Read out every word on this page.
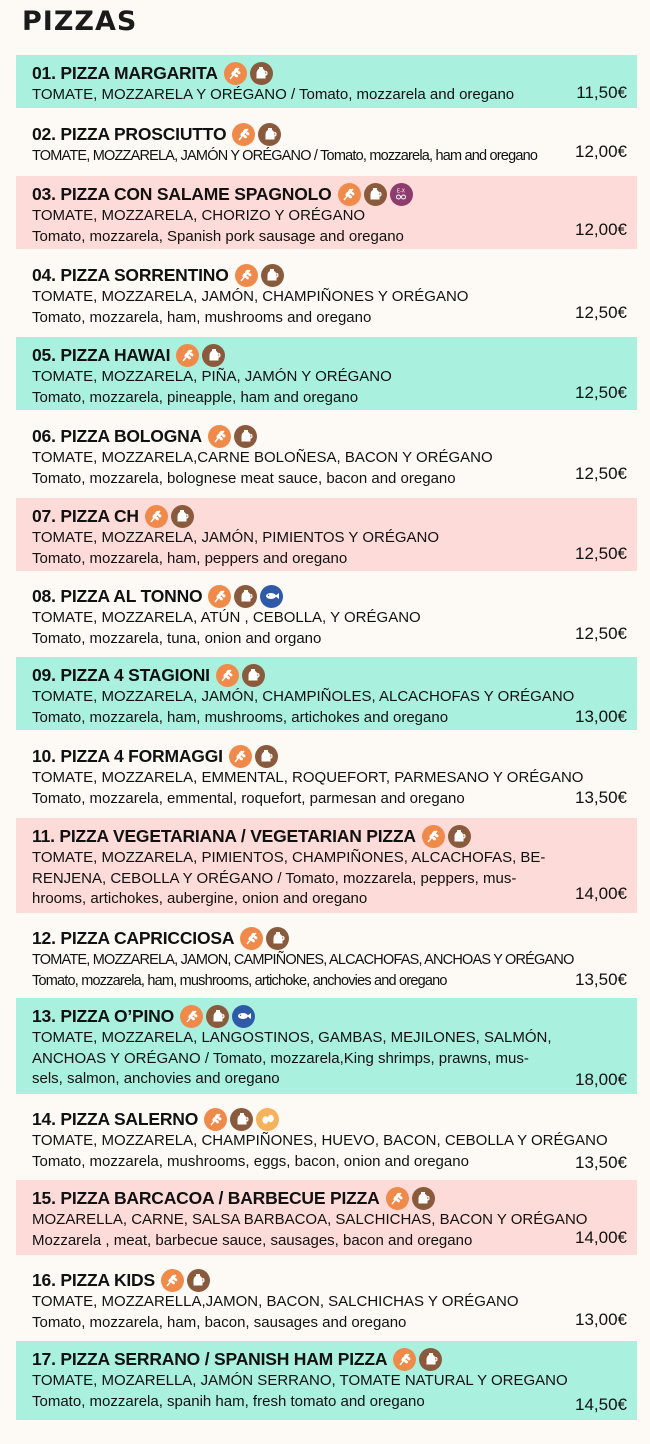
PIZZAS
01. PIZZA MARGARITA
TOMATE, MOZZARELA Y ORÉGANO / Tomato, mozzarela and oregano	11,50€
02. PIZZA PROSCIUTTO
TOMATE, MOZZARELA, JAMÓN Y ORÉGANO / Tomato, mozzarela, ham and oregano	12,00€
03. PIZZA CON SALAME SPAGNOLO	E-X
TOMATE, MOZZARELA, CHORIZO Y ORÉGANO
Tomato, mozzarela, Spanish pork sausage and oregano	12,00€
04. PIZZA SORRENTINO
TOMATE, MOZZARELA, JAMÓN, CHAMPIÑONES Y ORÉGANO
Tomato, mozzarela, ham, mushrooms and oregano	12,50€
05. PIZZA HAWAI
TOMATE, MOZZARELA, PIÑA, JAMÓN Y ORÉGANO
Tomato, mozzarela, pineapple, ham and oregano	12,50€
06. PIZZA BOLOGNA
TOMATE, MOZZARELA,CARNE BOLOÑESA, BACON Y ORÉGANO
Tomato, mozzarela, bolognese meat sauce, bacon and oregano	12,50€
07. PIZZA CH
TOMATE, MOZZARELA, JAMÓN, PIMIENTOS Y ORÉGANO
Tomato, mozzarela, ham, peppers and oregano	12,50€
08. PIZZA AL TONNO
TOMATE, MOZZARELA, ATÚN , CEBOLLA, Y ORÉGANO
Tomato, mozzarela, tuna, onion and organo	12,50€
09. PIZZA 4 STAGIONI
TOMATE, MOZZARELA, JAMÓN, CHAMPIÑOLES, ALCACHOFAS Y ORÉGANO
Tomato, mozzarela, ham, mushrooms, artichokes and oregano	13,00€
10. PIZZA 4 FORMAGGI
TOMATE, MOZZARELA, EMMENTAL, ROQUEFORT, PARMESANO Y ORÉGANO
Tomato, mozzarela, emmental, roquefort, parmesan and oregano	13,50€
11. PIZZA VEGETARIANA / VEGETARIAN PIZZA
TOMATE, MOZZARELA, PIMIENTOS, CHAMPIÑONES, ALCACHOFAS, BE-
RENJENA, CEBOLLA Y ORÉGANO / Tomato, mozzarela, peppers, mus-
hrooms, artichokes, aubergine, onion and oregano	14,00€
12. PIZZA CAPRICCIOSA
TOMATE, MOZZARELA, JAMON, CAMPIÑONES, ALCACHOFAS, ANCHOAS Y ORÉGANO
Tomato, mozzarela, ham, mushrooms, artichoke, anchovies and oregano	13,50€
13. PIZZA O’PINO
TOMATE, MOZZARELA, LANGOSTINOS, GAMBAS, MEJILONES, SALMÓN,
ANCHOAS Y ORÉGANO / Tomato, mozzarela,King shrimps, prawns, mus-
sels, salmon, anchovies and oregano	18,00€
14. PIZZA SALERNO
TOMATE, MOZZARELA, CHAMPIÑONES, HUEVO, BACON, CEBOLLA Y ORÉGANO
Tomato, mozzarela, mushrooms, eggs, bacon, onion and oregano	13,50€
15. PIZZA BARCACOA / BARBECUE PIZZA
MOZARELLA, CARNE, SALSA BARBACOA, SALCHICHAS, BACON Y ORÉGANO
Mozzarela , meat, barbecue sauce, sausages, bacon and oregano	14,00€
16. PIZZA KIDS
TOMATE, MOZZARELLA,JAMON, BACON, SALCHICHAS Y ORÉGANO
Tomato, mozzarela, ham, bacon, sausages and oregano	13,00€
17. PIZZA SERRANO / SPANISH HAM PIZZA
TOMATE, MOZARELLA, JAMÓN SERRANO, TOMATE NATURAL Y OREGANO
Tomato, mozzarela, spanih ham, fresh tomato and oregano	14,50€
